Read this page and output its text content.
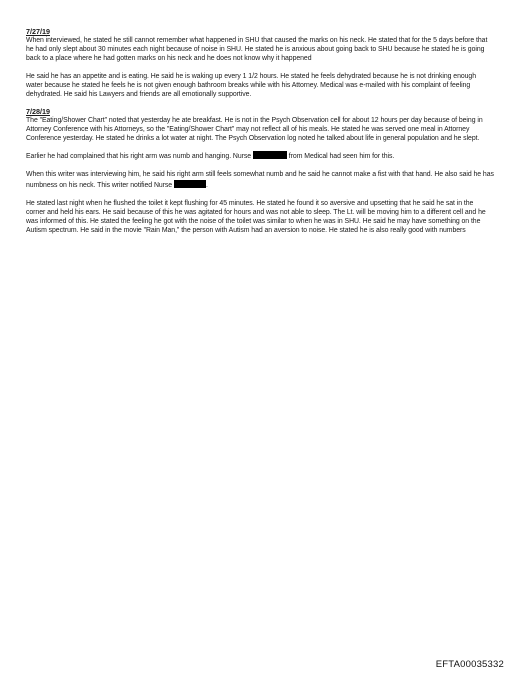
7/27/19

When interviewed, he stated he still cannot remember what happened in SHU that caused the marks on his neck. He stated that for the 5 days before that he had only slept about 30 minutes each night because of noise in SHU. He stated he is anxious about going back to SHU because he stated he is going back to a place where he had gotten marks on his neck and he does not know why it happened

He said he has an appetite and is eating. He said he is waking up every 1 1/2 hours. He stated he feels dehydrated because he is not drinking enough water because he stated he feels he is not given enough bathroom breaks while with his Attorney. Medical was e-mailed with his complaint of feeling dehydrated. He said his Lawyers and friends are all emotionally supportive.

7/28/19

The "Eating/Shower Chart" noted that yesterday he ate breakfast. He is not in the Psych Observation cell for about 12 hours per day because of being in Attorney Conference with his Attorneys, so the "Eating/Shower Chart" may not reflect all of his meals. He stated he was served one meal in Attorney Conference yesterday. He stated he drinks a lot water at night. The Psych Observation log noted he talked about life in general population and he slept.

Earlier he had complained that his right arm was numb and hanging. Nurse	from Medical had seen him for this.

When this writer was interviewing him, he said his right arm still feels somewhat numb and he said he cannot make a fist with that hand. He also said he has numbness on his neck. This writer notified Nurse	.

He stated last night when he flushed the toilet it kept flushing for 45 minutes. He stated he found it so aversive and upsetting that he said he sat in the corner and held his ears. He said because of this he was agitated for hours and was not able to sleep. The Lt. will be moving him to a different cell and he was informed of this. He stated the feeling he got with the noise of the toilet was similar to when he was in SHU. He said he may have something on the Autism spectrum. He said in the movie "Rain Man," the person with Autism had an aversion to noise. He stated he is also really good with numbers

EFTA00035332
